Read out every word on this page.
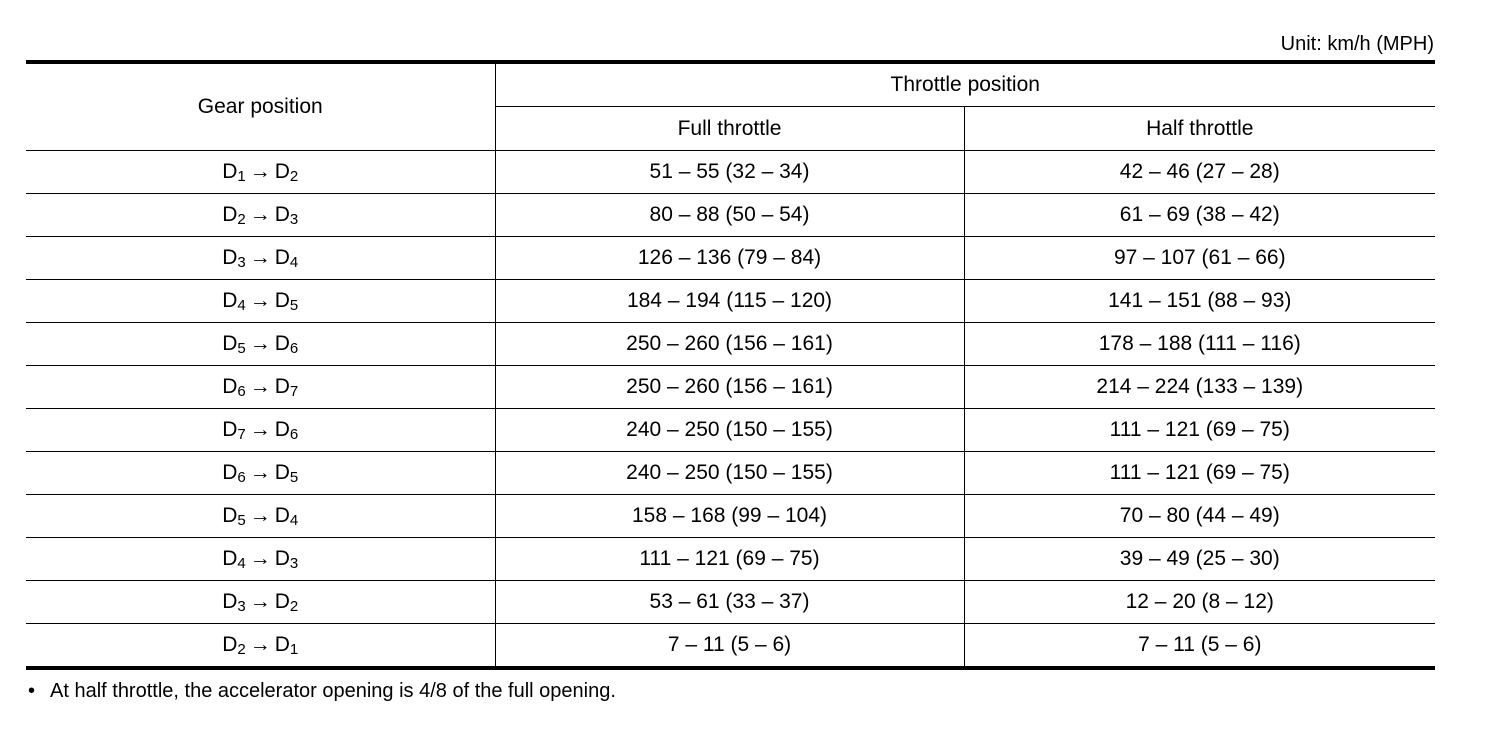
Unit: km/h (MPH)
Gear position	Throttle position	
	Full throttle	Half throttle
D1 → D2	51 – 55 (32 – 34)	42 – 46 (27 – 28)
D2 → D3	80 – 88 (50 – 54)	61 – 69 (38 – 42)
D3 → D4	126 – 136 (79 – 84)	97 – 107 (61 – 66)
D4 → D5	184 – 194 (115 – 120)	141 – 151 (88 – 93)
D5 → D6	250 – 260 (156 – 161)	178 – 188 (111 – 116)
D6 → D7	250 – 260 (156 – 161)	214 – 224 (133 – 139)
D7 → D6	240 – 250 (150 – 155)	111 – 121 (69 – 75)
D6 → D5	240 – 250 (150 – 155)	111 – 121 (69 – 75)
D5 → D4	158 – 168 (99 – 104)	70 – 80 (44 – 49)
D4 → D3	111 – 121 (69 – 75)	39 – 49 (25 – 30)
D3 → D2	53 – 61 (33 – 37)	12 – 20 (8 – 12)
D2 → D1	7 – 11 (5 – 6)	7 – 11 (5 – 6)
• At half throttle, the accelerator opening is 4/8 of the full opening.
